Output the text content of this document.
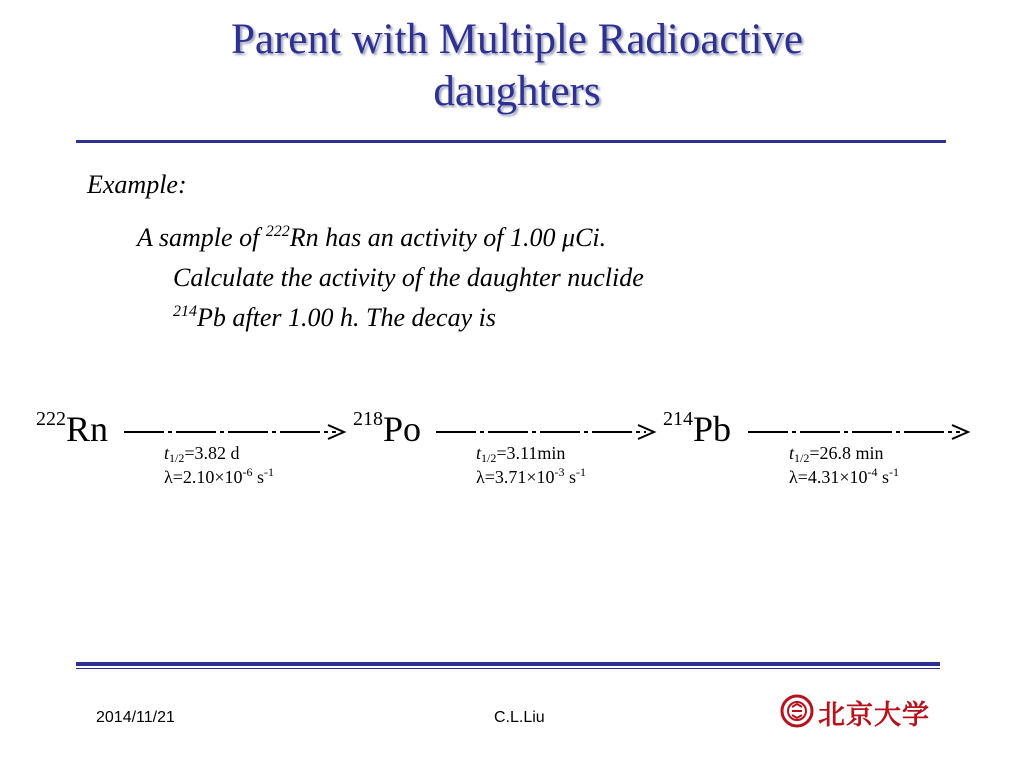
Parent with Multiple Radioactive
daughters
Example:
A sample of $^{222}$Rn has an activity of 1.00 μCi.
Calculate the activity of the daughter nuclide
$^{214}$Pb after 1.00 h. The decay is
$^{222}$Rn
$t_{1/2}=3.82$ d
$\lambda=2.10\times 10^{-6}$ $s^{-1}$
$^{218}$Po
$t_{1/2}=3.11\min$
$\lambda=3.71\times 10^{-3}$ $s^{-1}$
$^{214}$Pb
$t_{1/2}=26.8$ min
$\lambda=4.31\times 10^{-4}$ $s^{-1}$
2014/11/21	C.L.Liu	北京大学
